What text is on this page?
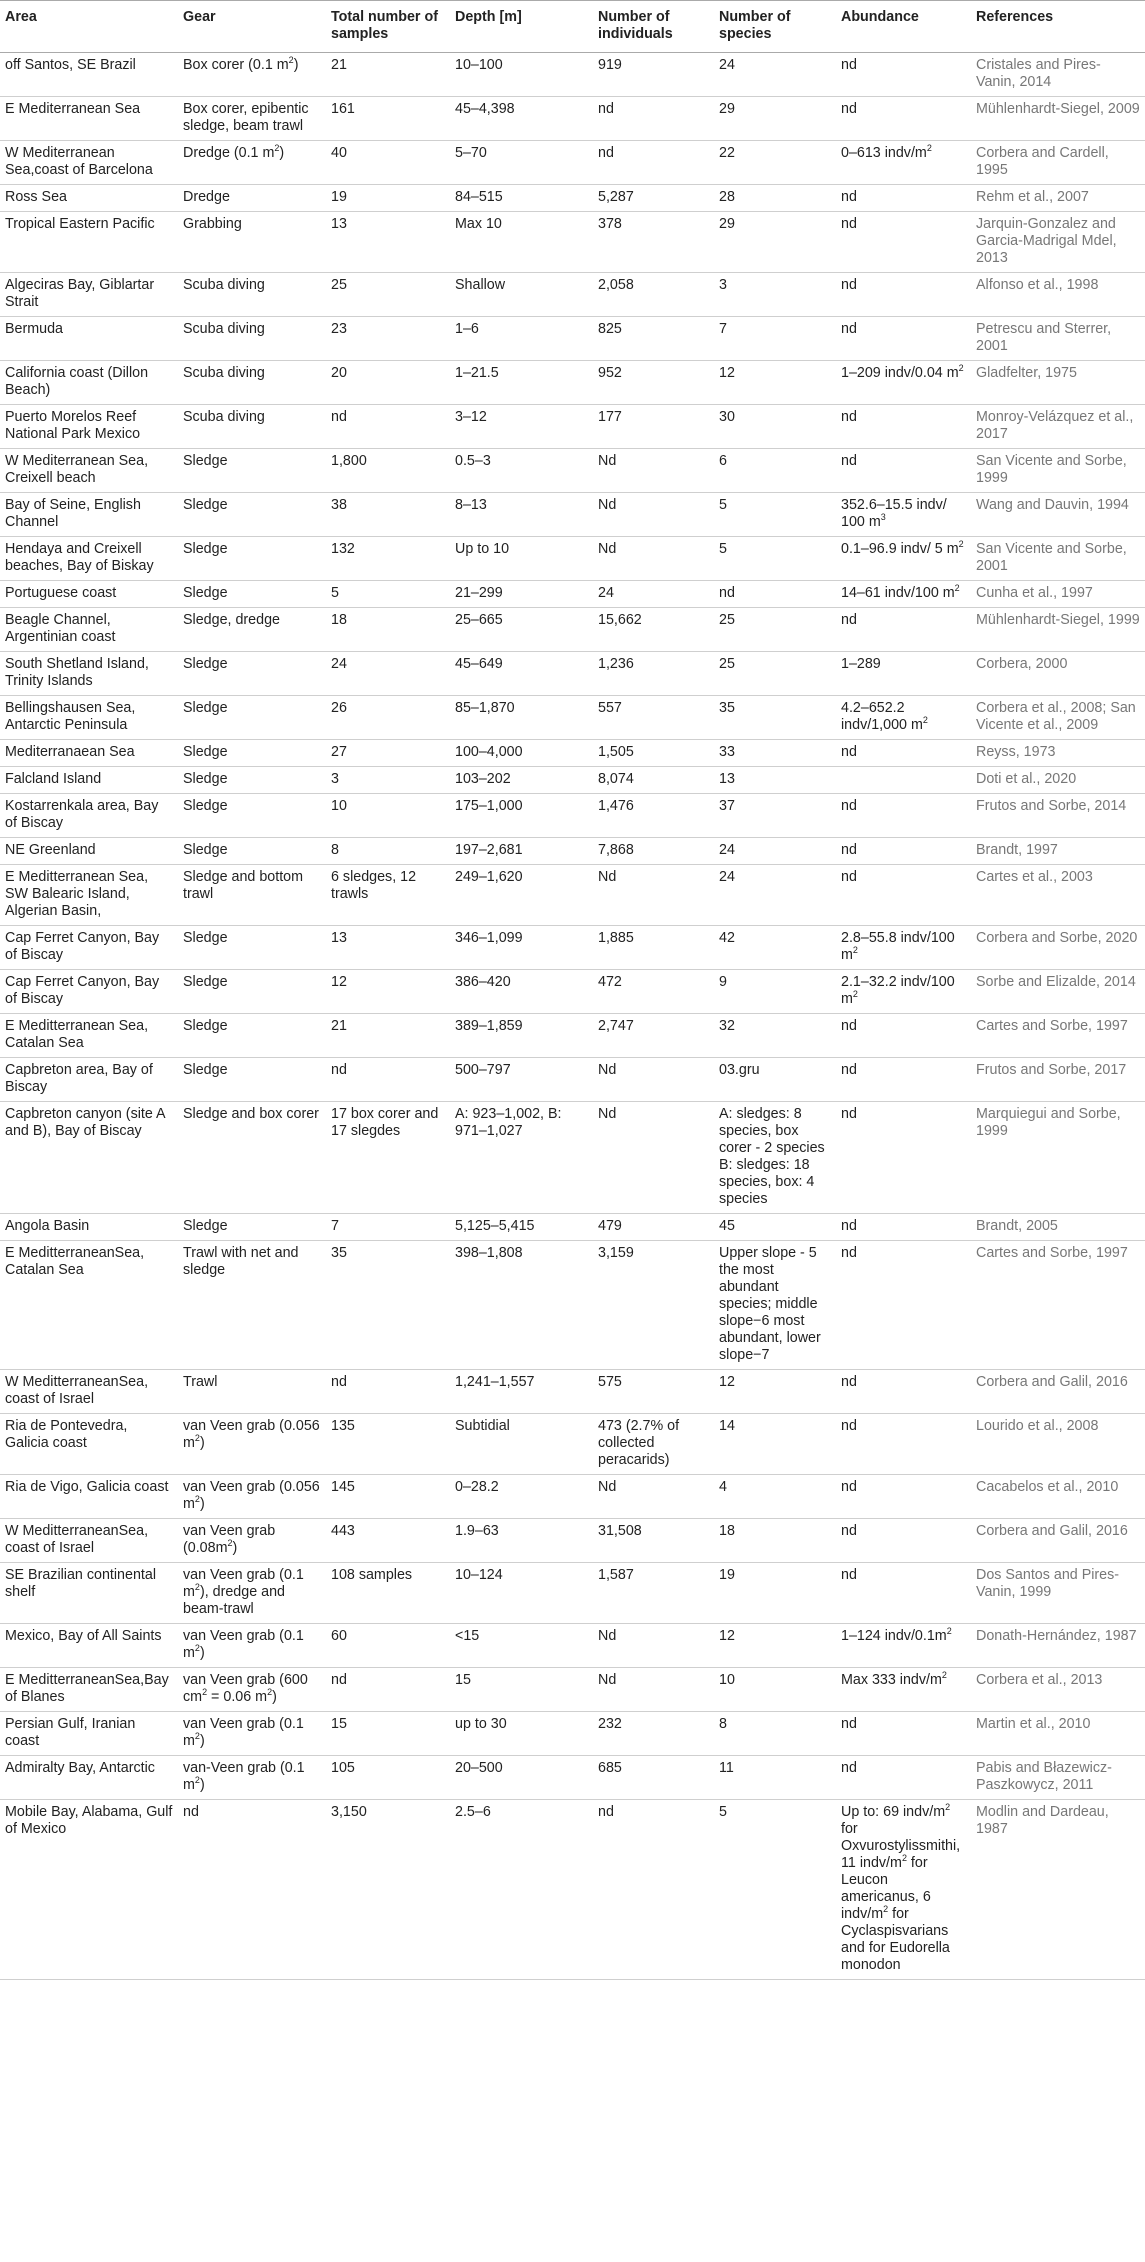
Area	Gear	Total number of samples	Depth [m]	Number of individuals	Number of species	Abundance	References
off Santos, SE Brazil	Box corer (0.1 $m^2$)	21	10–100	919	24	nd	Cristales and Pires-Vanin, 2014
E Mediterranean Sea	Box corer, epibentic sledge, beam trawl	161	45–4,398	nd	29	nd	Mühlenhardt-Siegel, 2009
W Mediterranean Sea,coast of Barcelona	Dredge (0.1 $m^2$)	40	5–70	nd	22	0–613 indv/$m^2$	Corbera and Cardell, 1995
Ross Sea	Dredge	19	84–515	5,287	28	nd	Rehm et al., 2007
Tropical Eastern Pacific	Grabbing	13	Max 10	378	29	nd	Jarquin-Gonzalez and Garcia-Madrigal Mdel, 2013
Algeciras Bay, Giblartar Strait	Scuba diving	25	Shallow	2,058	3	nd	Alfonso et al., 1998
Bermuda	Scuba diving	23	1–6	825	7	nd	Petrescu and Sterrer, 2001
California coast (Dillon Beach)	Scuba diving	20	1–21.5	952	12	1–209 indv/0.04 $m^2$	Gladfelter, 1975
Puerto Morelos Reef National Park Mexico	Scuba diving	nd	3–12	177	30	nd	Monroy-Velázquez et al., 2017
W Mediterranean Sea, Creixell beach	Sledge	1,800	0.5–3	Nd	6	nd	San Vicente and Sorbe, 1999
Bay of Seine, English Channel	Sledge	38	8–13	Nd	5	352.6–15.5 indv/ 100 $m^3$	Wang and Dauvin, 1994
Hendaya and Creixell beaches, Bay of Biskay	Sledge	132	Up to 10	Nd	5	0.1–96.9 indv/ 5 $m^2$	San Vicente and Sorbe, 2001
Portuguese coast	Sledge	5	21–299	24	nd	14–61 indv/100 $m^2$	Cunha et al., 1997
Beagle Channel, Argentinian coast	Sledge, dredge	18	25–665	15,662	25	nd	Mühlenhardt-Siegel, 1999
South Shetland Island, Trinity Islands	Sledge	24	45–649	1,236	25	1–289	Corbera, 2000
Bellingshausen Sea, Antarctic Peninsula	Sledge	26	85–1,870	557	35	4.2–652.2 indv/1,000 $m^2$	Corbera et al., 2008; San Vicente et al., 2009
Mediterranaean Sea	Sledge	27	100–4,000	1,505	33	nd	Reyss, 1973
Falcland Island	Sledge	3	103–202	8,074	13		Doti et al., 2020
Kostarrenkala area, Bay of Biscay	Sledge	10	175–1,000	1,476	37	nd	Frutos and Sorbe, 2014
NE Greenland	Sledge	8	197–2,681	7,868	24	nd	Brandt, 1997
E Meditterranean Sea, SW Balearic Island, Algerian Basin,	Sledge and bottom trawl	6 sledges, 12 trawls	249–1,620	Nd	24	nd	Cartes et al., 2003
Cap Ferret Canyon, Bay of Biscay	Sledge	13	346–1,099	1,885	42	2.8–55.8 indv/100 $m^2$	Corbera and Sorbe, 2020
Cap Ferret Canyon, Bay of Biscay	Sledge	12	386–420	472	9	2.1–32.2 indv/100 $m^2$	Sorbe and Elizalde, 2014
E Meditterranean Sea, Catalan Sea	Sledge	21	389–1,859	2,747	32	nd	Cartes and Sorbe, 1997
Capbreton area, Bay of Biscay	Sledge	nd	500–797	Nd	03.gru	nd	Frutos and Sorbe, 2017
Capbreton canyon (site A and B), Bay of Biscay	Sledge and box corer	17 box corer and 17 slegdes	A: 923–1,002, B: 971–1,027	Nd	A: sledges: 8 species, box corer - 2 species B: sledges: 18 species, box: 4 species	nd	Marquiegui and Sorbe, 1999
Angola Basin	Sledge	7	5,125–5,415	479	45	nd	Brandt, 2005
E MeditterraneanSea, Catalan Sea	Trawl with net and sledge	35	398–1,808	3,159	Upper slope - 5 the most abundant species; middle slope−6 most abundant, lower slope−7	nd	Cartes and Sorbe, 1997
W MeditterraneanSea, coast of Israel	Trawl	nd	1,241–1,557	575	12	nd	Corbera and Galil, 2016
Ria de Pontevedra, Galicia coast	van Veen grab (0.056 $m^2$)	135	Subtidial	473 (2.7% of collected peracarids)	14	nd	Lourido et al., 2008
Ria de Vigo, Galicia coast	van Veen grab (0.056 $m^2$)	145	0–28.2	Nd	4	nd	Cacabelos et al., 2010
W MeditterraneanSea, coast of Israel	van Veen grab $(0.08m^2)$	443	1.9–63	31,508	18	nd	Corbera and Galil, 2016
SE Brazilian continental shelf	van Veen grab (0.1 $m^2$), dredge and beam-trawl	108 samples	10–124	1,587	19	nd	Dos Santos and Pires-Vanin, 1999
Mexico, Bay of All Saints	van Veen grab (0.1 $m^2$)	60	<15	Nd	12	1–124 indv/$0.1m^2$	Donath-Hernández, 1987
E MeditterraneanSea,Bay of Blanes	van Veen grab (600 $cm^2 = 0.06$ $m^2$)	nd	15	Nd	10	Max 333 indv/$m^2$	Corbera et al., 2013
Persian Gulf, Iranian coast	van Veen grab (0.1 $m^2$)	15	up to 30	232	8	nd	Martin et al., 2010
Admiralty Bay, Antarctic	van-Veen grab (0.1 $m^2$)	105	20–500	685	11	nd	Pabis and Błazewicz-Paszkowycz, 2011
Mobile Bay, Alabama, Gulf of Mexico	nd	3,150	2.5–6	nd	5	Up to: 69 indv/$m^2$ for Oxvurostylissmithi, 11 indv/$m^2$ for Leucon americanus, 6 indv/$m^2$ for Cyclaspisvarians and for Eudorella monodon	Modlin and Dardeau, 1987
